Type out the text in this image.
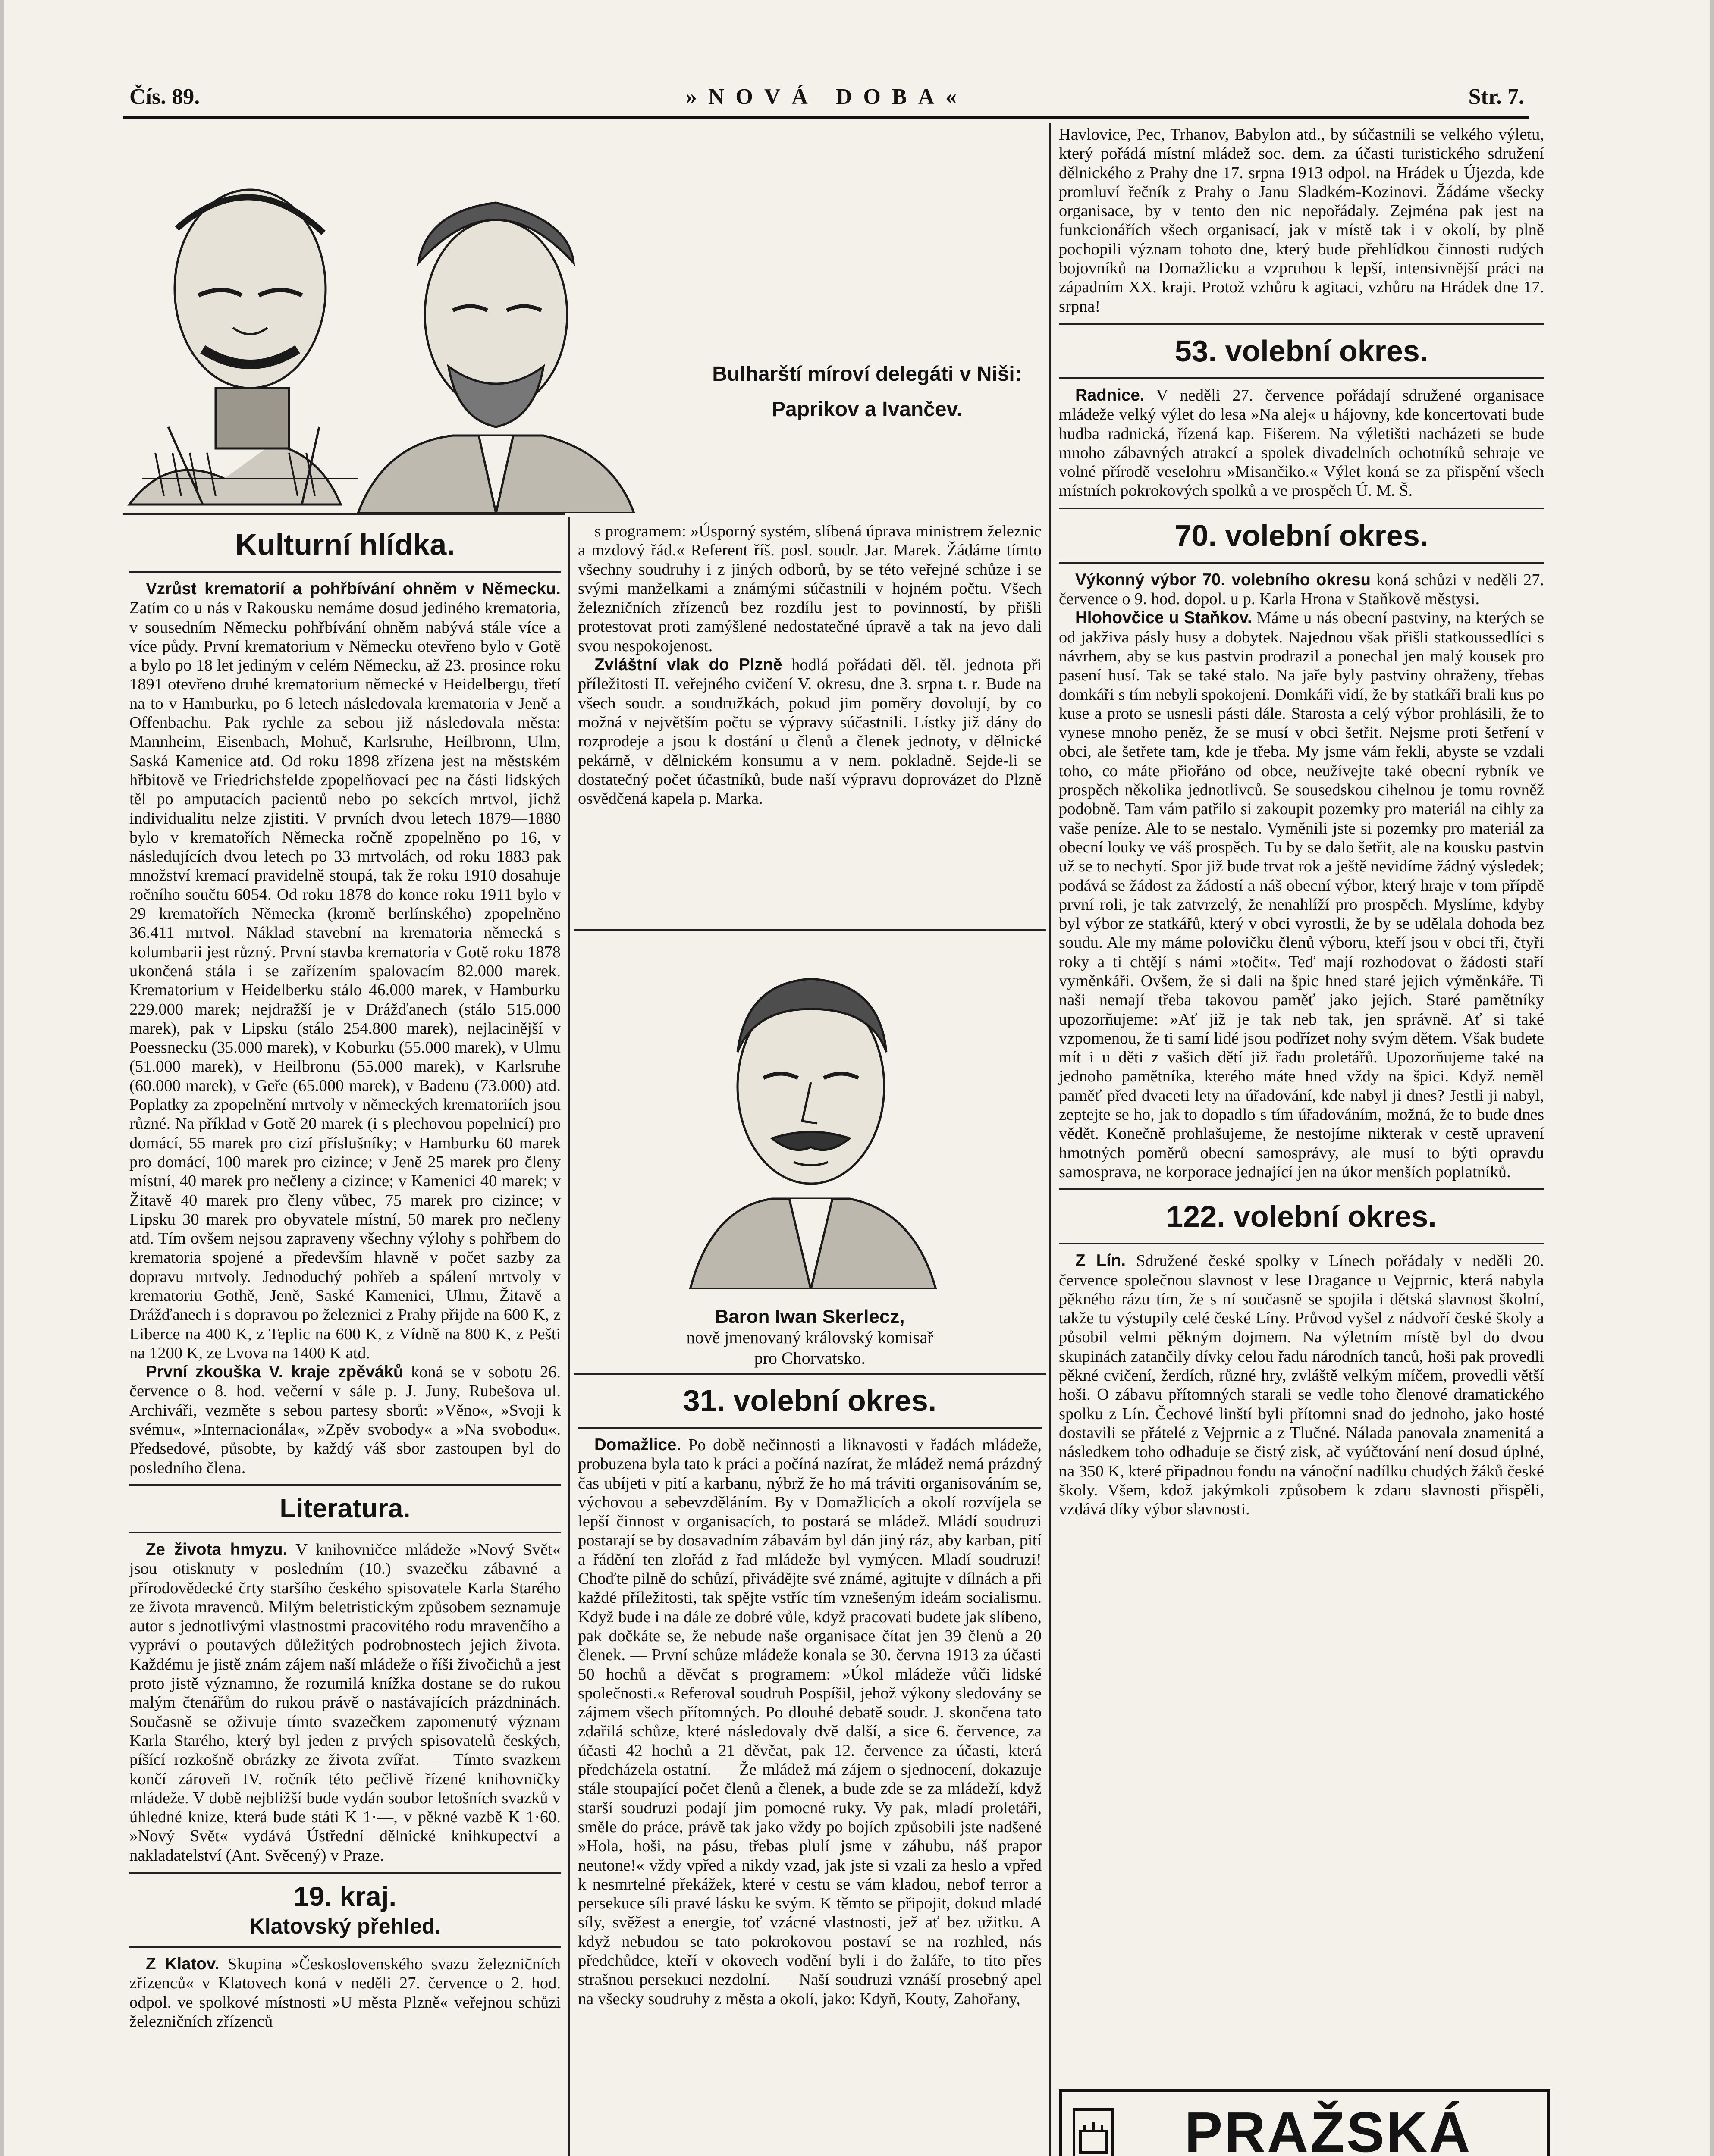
Čís. 89.	»NOVÁ DOBA«	Str. 7.
Bulharští míroví delegáti v Niši:
Paprikov a Ivančev.
Kulturní hlídka.

Vzrůst krematorií a pohřbívání ohněm v Německu. Zatím co u nás v Rakousku nemáme dosud jediného krematoria, v sousedním Německu pohřbívání ohněm nabývá stále více a více půdy. První krematorium v Německu otevřeno bylo v Gotě a bylo po 18 let jediným v celém Německu, až 23. prosince roku 1891 otevřeno druhé krematorium německé v Heidelbergu, třetí na to v Hamburku, po 6 letech následovala krematoria v Jeně a Offenbachu. Pak rychle za sebou již následovala města: Mannheim, Eisenbach, Mohuč, Karlsruhe, Heilbronn, Ulm, Saská Kamenice atd. Od roku 1898 zřízena jest na městském hřbitově ve Friedrichsfelde zpopelňovací pec na části lidských těl po amputacích pacientů nebo po sekcích mrtvol, jichž individualitu nelze zjistiti. V prvních dvou letech 1879—1880 bylo v krematořích Německa ročně zpopelněno po 16, v následujících dvou letech po 33 mrtvolách, od roku 1883 pak množství kremací pravidelně stoupá, tak že roku 1910 dosahuje ročního součtu 6054. Od roku 1878 do konce roku 1911 bylo v 29 krematořích Německa (kromě berlínského) zpopelněno 36.411 mrtvol. Náklad stavební na krematoria německá s kolumbarii jest různý. První stavba krematoria v Gotě roku 1878 ukončená stála i se zařízením spalovacím 82.000 marek. Krematorium v Heidelberku stálo 46.000 marek, v Hamburku 229.000 marek; nejdražší je v Drážďanech (stálo 515.000 marek), pak v Lipsku (stálo 254.800 marek), nejlacinější v Poessnecku (35.000 marek), v Koburku (55.000 marek), v Ulmu (51.000 marek), v Heilbronu (55.000 marek), v Karlsruhe (60.000 marek), v Geře (65.000 marek), v Badenu (73.000) atd. Poplatky za zpopelnění mrtvoly v německých krematoriích jsou různé. Na příklad v Gotě 20 marek (i s plechovou popelnicí) pro domácí, 55 marek pro cizí příslušníky; v Hamburku 60 marek pro domácí, 100 marek pro cizince; v Jeně 25 marek pro členy místní, 40 marek pro nečleny a cizince; v Kamenici 40 marek; v Žitavě 40 marek pro členy vůbec, 75 marek pro cizince; v Lipsku 30 marek pro obyvatele místní, 50 marek pro nečleny atd. Tím ovšem nejsou zapraveny všechny výlohy s pohřbem do krematoria spojené a především hlavně v počet sazby za dopravu mrtvoly. Jednoduchý pohřeb a spálení mrtvoly v krematoriu Gothě, Jeně, Saské Kamenici, Ulmu, Žitavě a Drážďanech i s dopravou po železnici z Prahy přijde na 600 K, z Liberce na 400 K, z Teplic na 600 K, z Vídně na 800 K, z Pešti na 1200 K, ze Lvova na 1400 K atd.

První zkouška V. kraje zpěváků koná se v sobotu 26. července o 8. hod. večerní v sále p. J. Juny, Rubešova ul. Archiváři, vezměte s sebou partesy sborů: »Věno«, »Svoji k svému«, »Internacionála«, »Zpěv svobody« a »Na svobodu«. Předsedové, působte, by každý váš sbor zastoupen byl do posledního člena.

Literatura.

Ze života hmyzu. V knihovničce mládeže »Nový Svět« jsou otisknuty v posledním (10.) svazečku zábavné a přírodovědecké črty staršího českého spisovatele Karla Starého ze života mravenců. Milým beletristickým způsobem seznamuje autor s jednotlivými vlastnostmi pracovitého rodu mravenčího a vypráví o poutavých důležitých podrobnostech jejich života. Každému je jistě znám zájem naší mládeže o říši živočichů a jest proto jistě významno, že rozumilá knížka dostane se do rukou malým čtenářům do rukou právě o nastávajících prázdninách. Současně se oživuje tímto svazečkem zapomenutý význam Karla Starého, který byl jeden z prvých spisovatelů českých, píšící rozkošně obrázky ze života zvířat. — Tímto svazkem končí zároveň IV. ročník této pečlivě řízené knihovničky mládeže. V době nejbližší bude vydán soubor letošních svazků v úhledné knize, která bude státi K 1·—, v pěkné vazbě K 1·60. »Nový Svět« vydává Ústřední dělnické knihkupectví a nakladatelství (Ant. Svěcený) v Praze.

19. kraj.
Klatovský přehled.

Z Klatov. Skupina »Československého svazu železničních zřízenců« v Klatovech koná v neděli 27. července o 2. hod. odpol. ve spolkové místnosti »U města Plzně« veřejnou schůzi železničních zřízenců

s programem: »Úsporný systém, slíbená úprava ministrem železnic a mzdový řád.« Referent říš. posl. soudr. Jar. Marek. Žádáme tímto všechny soudruhy i z jiných odborů, by se této veřejné schůze i se svými manželkami a známými súčastnili v hojném počtu. Všech železničních zřízenců bez rozdílu jest to povinností, by přišli protestovat proti zamýšlené nedostatečné úpravě a tak na jevo dali svou nespokojenost.

Zvláštní vlak do Plzně hodlá pořádati děl. těl. jednota při příležitosti II. veřejného cvičení V. okresu, dne 3. srpna t. r. Bude na všech soudr. a soudružkách, pokud jim poměry dovolují, by co možná v největším počtu se výpravy súčastnili. Lístky již dány do rozprodeje a jsou k dostání u členů a členek jednoty, v dělnické pekárně, v dělnickém konsumu a v nem. pokladně. Sejde-li se dostatečný počet účastníků, bude naší výpravu doprovázet do Plzně osvědčená kapela p. Marka.

Baron Iwan Skerlecz,
nově jmenovaný královský komisař pro Chorvatsko.
31. volební okres.

Domažlice. Po době nečinnosti a liknavosti v řadách mládeže, probuzena byla tato k práci a počíná nazírat, že mládež nemá prázdný čas ubíjeti v pití a karbanu, nýbrž že ho má tráviti organisováním se, výchovou a sebevzděláním. By v Domažlicích a okolí rozvíjela se lepší činnost v organisacích, to postará se mládež. Mládí soudruzi postarají se by dosavadním zábavám byl dán jiný ráz, aby karban, pití a řádění ten zlořád z řad mládeže byl vymýcen. Mladí soudruzi! Choďte pilně do schůzí, přivádějte své známé, agitujte v dílnách a při každé příležitosti, tak spějte vstříc tím vznešeným ideám socialismu. Když bude i na dále ze dobré vůle, když pracovati budete jak slíbeno, pak dočkáte se, že nebude naše organisace čítat jen 39 členů a 20 členek. — První schůze mládeže konala se 30. června 1913 za účasti 50 hochů a děvčat s programem: »Úkol mládeže vůči lidské společnosti.« Referoval soudruh Pospíšil, jehož výkony sledovány se zájmem všech přítomných. Po dlouhé debatě soudr. J. skončena tato zdařilá schůze, které následovaly dvě další, a sice 6. července, za účasti 42 hochů a 21 děvčat, pak 12. července za účasti, která předcházela ostatní. — Že mládež má zájem o sjednocení, dokazuje stále stoupající počet členů a členek, a bude zde se za mládeží, když starší soudruzi podají jim pomocné ruky. Vy pak, mladí proletáři, směle do práce, právě tak jako vždy po bojích způsobili jste nadšené »Hola, hoši, na pásu, třebas plulí jsme v záhubu, náš prapor neutone!« vždy vpřed a nikdy vzad, jak jste si vzali za heslo a vpřed k nesmrtelné překážek, které v cestu se vám kladou, nebof terror a persekuce síli pravé lásku ke svým. K těmto se připojit, dokud mladé síly, svěžest a energie, toť vzácné vlastnosti, jež ať bez užitku. A když nebudou se tato pokrokovou postaví se na rozhled, nás předchůdce, kteří v okovech vodění byli i do žaláře, to tito přes strašnou persekuci nezdolní. — Naší soudruzi vznáší prosebný apel na všecky soudruhy z města a okolí, jako: Kdyň, Kouty, Zahořany,

Havlovice, Pec, Trhanov, Babylon atd., by súčastnili se velkého výletu, který pořádá místní mládež soc. dem. za účasti turistického sdružení dělnického z Prahy dne 17. srpna 1913 odpol. na Hrádek u Újezda, kde promluví řečník z Prahy o Janu Sladkém-Kozinovi. Žádáme všecky organisace, by v tento den nic nepořádaly. Zejména pak jest na funkcionářích všech organisací, jak v místě tak i v okolí, by plně pochopili význam tohoto dne, který bude přehlídkou činnosti rudých bojovníků na Domažlicku a vzpruhou k lepší, intensivnější práci na západním XX. kraji. Protož vzhůru k agitaci, vzhůru na Hrádek dne 17. srpna!

53. volební okres.

Radnice. V neděli 27. července pořádají sdružené organisace mládeže velký výlet do lesa »Na alej« u hájovny, kde koncertovati bude hudba radnická, řízená kap. Fišerem. Na výletišti nacházeti se bude mnoho zábavných atrakcí a spolek divadelních ochotníků sehraje ve volné přírodě veselohru »Misančiko.« Výlet koná se za přispění všech místních pokrokových spolků a ve prospěch Ú. M. Š.

70. volební okres.

Výkonný výbor 70. volebního okresu koná schůzi v neděli 27. července o 9. hod. dopol. u p. Karla Hrona v Staňkově městysi.

Hlohovčice u Staňkov. Máme u nás obecní pastviny, na kterých se od jakživa pásly husy a dobytek. Najednou však přišli statkoussedlíci s návrhem, aby se kus pastvin prodrazil a ponechal jen malý kousek pro pasení husí. Tak se také stalo. Na jaře byly pastviny ohraženy, třebas domkáři s tím nebyli spokojeni. Domkáři vidí, že by statkáři brali kus po kuse a proto se usnesli pásti dále. Starosta a celý výbor prohlásili, že to vynese mnoho peněz, že se musí v obci šetřit. Nejsme proti šetření v obci, ale šetřete tam, kde je třeba. My jsme vám řekli, abyste se vzdali toho, co máte přiořáno od obce, neužívejte také obecní rybník ve prospěch několika jednotlivců. Se sousedskou cihelnou je tomu rovněž podobně. Tam vám patřilo si zakoupit pozemky pro materiál na cihly za vaše peníze. Ale to se nestalo. Vyměnili jste si pozemky pro materiál za obecní louky ve váš prospěch. Tu by se dalo šetřit, ale na kousku pastvin už se to nechytí. Spor již bude trvat rok a ještě nevidíme žádný výsledek; podává se žádost za žádostí a náš obecní výbor, který hraje v tom přípdě první roli, je tak zatvrzelý, že nenahlíží pro prospěch. Myslíme, kdyby byl výbor ze statkářů, který v obci vyrostli, že by se udělala dohoda bez soudu. Ale my máme polovičku členů výboru, kteří jsou v obci tři, čtyři roky a ti chtějí s námi »točit«. Teď mají rozhodovat o žádosti staří vyměnkáři. Ovšem, že si dali na špic hned staré jejich výměnkáře. Ti naši nemají třeba takovou paměť jako jejich. Staré pamětníky upozorňujeme: »Ať již je tak neb tak, jen správně. Ať si také vzpomenou, že ti samí lidé jsou podřízet nohy svým dětem. Však budete mít i u děti z vašich dětí již řadu proletářů. Upozorňujeme také na jednoho pamětníka, kterého máte hned vždy na špici. Když neměl paměť před dvaceti lety na úřadování, kde nabyl ji dnes? Jestli ji nabyl, zeptejte se ho, jak to dopadlo s tím úřadováním, možná, že to bude dnes vědět. Konečně prohlašujeme, že nestojíme nikterak v cestě upravení hmotných poměrů obecní samosprávy, ale musí to býti opravdu samosprava, ne korporace jednající jen na úkor menších poplatníků.

122. volební okres.

Z Lín. Sdružené české spolky v Línech pořádaly v neděli 20. července společnou slavnost v lese Dragance u Vejprnic, která nabyla pěkného rázu tím, že s ní současně se spojila i dětská slavnost školní, takže tu výstupily celé české Líny. Průvod vyšel z nádvoří české školy a působil velmi pěkným dojmem. Na výletním místě byl do dvou skupinách zatančily dívky celou řadu národních tanců, hoši pak provedli pěkné cvičení, žerdích, různé hry, zvláště velkým míčem, provedli větší hoši. O zábavu přítomných starali se vedle toho členové dramatického spolku z Lín. Čechové linští byli přítomni snad do jednoho, jako hosté dostavili se přátelé z Vejprnic a z Tlučné. Nálada panovala znamenitá a následkem toho odhaduje se čistý zisk, ač vyúčtování není dosud úplné, na 350 K, které připadnou fondu na vánoční nadílku chudých žáků české školy. Všem, kdož jakýmkoli způsobem k zdaru slavnosti přispěli, vzdává díky výbor slavnosti.

PRAŽSKÁ
